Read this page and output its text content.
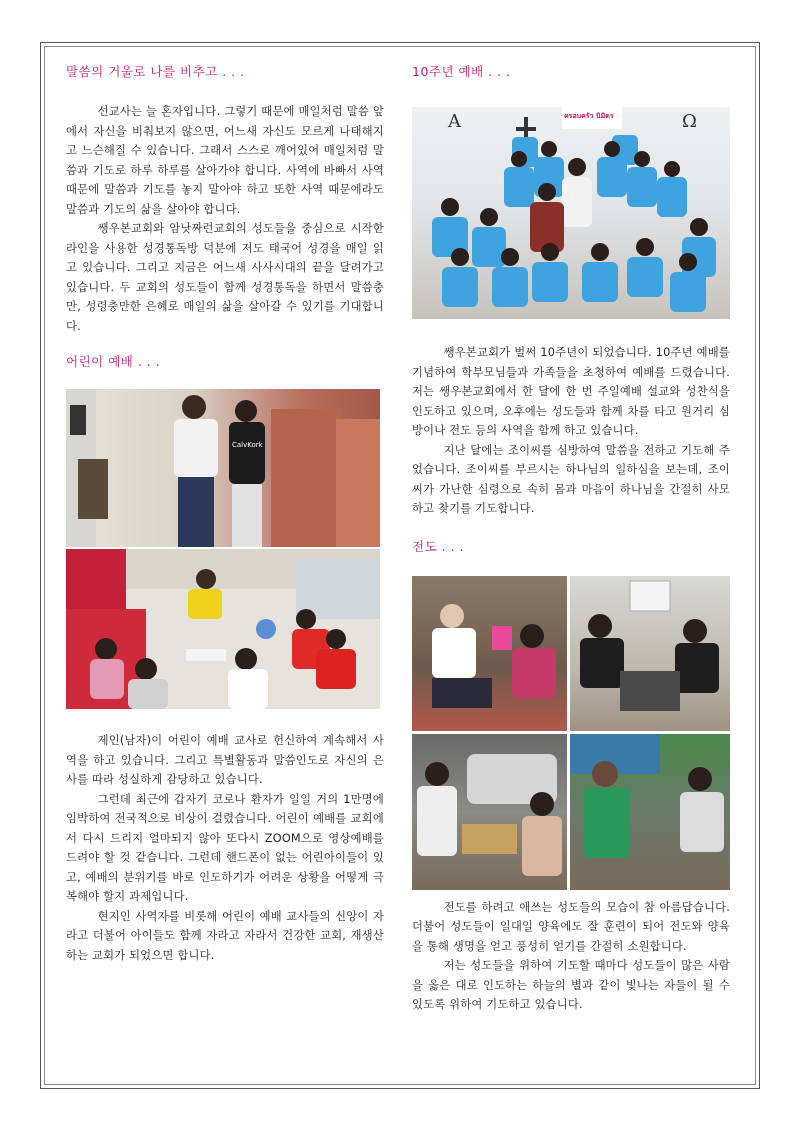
말씀의 거울로 나를 비추고 . . .

선교사는 늘 혼자입니다. 그렇기 때문에 매일처럼 말씀 앞에서 자신을 비춰보지 않으면, 어느새 자신도 모르게 나태해지고 느슨해질 수 있습니다. 그래서 스스로 깨어있어 매일처럼 말씀과 기도로 하루 하루를 살아가야 합니다. 사역에 바빠서 사역 때문에 말씀과 기도를 놓지 말아야 하고 또한 사역 때문에라도 말씀과 기도의 삶을 살아야 합니다.

쌩우본교회와 암낫짜런교회의 성도들을 중심으로 시작한 라인을 사용한 성경통독방 덕분에 저도 태국어 성경을 매일 읽고 있습니다. 그리고 지금은 어느새 사사시대의 끝을 달려가고 있습니다. 두 교회의 성도들이 함께 성경통독을 하면서 말씀충만, 성령충만한 은혜로 매일의 삶을 살아갈 수 있기를 기대합니다.

어린이 예배 . . .
CalvKork

제인(남자)이 어린이 예배 교사로 헌신하여 계속해서 사역을 하고 있습니다. 그리고 특별활동과 말씀인도로 자신의 은사를 따라 성실하게 감당하고 있습니다.

그런데 최근에 갑자기 코로나 환자가 일일 거의 1만명에 임박하여 전국적으로 비상이 걸렸습니다. 어린이 예배를 교회에서 다시 드리지 얼마되지 않아 또다시 ZOOM으로 영상예배를 드려야 할 것 같습니다. 그런데 핸드폰이 없는 어린아이들이 있고, 예배의 분위기를 바로 인도하기가 어려운 상황을 어떻게 극복해야 할지 과제입니다.

현지인 사역자를 비롯해 어린이 예배 교사들의 신앙이 자라고 더불어 아이들도 함께 자라고 자라서 건강한 교회, 재생산하는 교회가 되었으면 합니다.

10주년 예배 . . .
A	Ω
ครอบครัว นิมิตร

쌩우본교회가 벌써 10주년이 되었습니다. 10주년 예배를 기념하여 학부모님들과 가족들을 초청하여 예배를 드렸습니다. 저는 쌩우본교회에서 한 달에 한 번 주일예배 설교와 성찬식을 인도하고 있으며, 오후에는 성도들과 함께 차를 타고 원거리 심방이나 전도 등의 사역을 함께 하고 있습니다.

지난 달에는 조이씨를 심방하여 말씀을 전하고 기도해 주었습니다. 조이씨를 부르시는 하나님의 일하심을 보는데, 조이씨가 가난한 심령으로 속히 몸과 마음이 하나님을 간절히 사모하고 찾기를 기도합니다.

전도 . . .

전도를 하려고 애쓰는 성도들의 모습이 참 아름답습니다. 더불어 성도들이 일대일 양육에도 잘 훈련이 되어 전도와 양육을 통해 생명을 얻고 풍성히 얻기를 간절히 소원합니다.

저는 성도들을 위하여 기도할 때마다 성도들이 많은 사람을 옳은 대로 인도하는 하늘의 별과 같이 빛나는 자들이 될 수 있도록 위하여 기도하고 있습니다.
